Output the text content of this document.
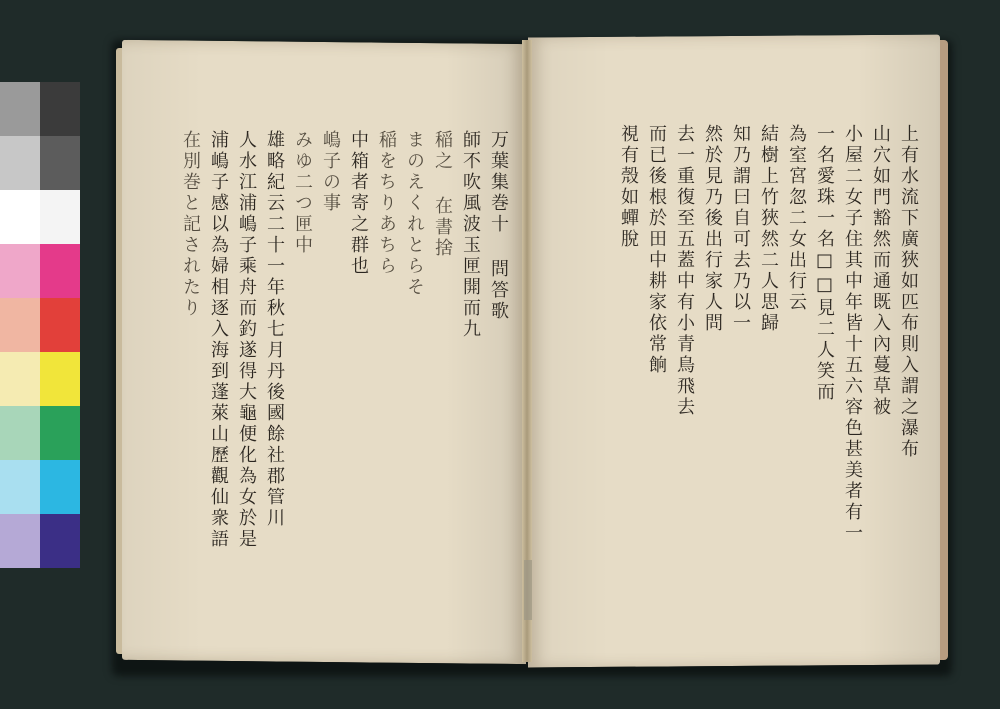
上有水流下廣狹如匹布則入謂之瀑布
山穴如門豁然而通既入內蔓草被
小屋二女子住其中年皆十五六容色甚美者有一
一名愛珠一名□□見二人笑而
為室宮忽二女出行云
結樹上竹狹然二人思歸
知乃謂曰自可去乃以一
然於見乃後出行家人問
去一重復至五蓋中有小青鳥飛去
而已後根於田中耕家依常餉
視有殼如蟬脫
万葉集巻十 問答歌
師不吹風波玉匣開而九
稲之 在書捨
まのえくれとらそ
稲をちりあちら
中箱者寄之群也
嶋子の事
みゆ二つ匣中
雄略紀云二十一年秋七月丹後國餘社郡管川
人水江浦嶋子乘舟而釣遂得大龜便化為女於是
浦嶋子感以為婦相逐入海到蓬萊山歷觀仙衆語
在別巻と記されたり
